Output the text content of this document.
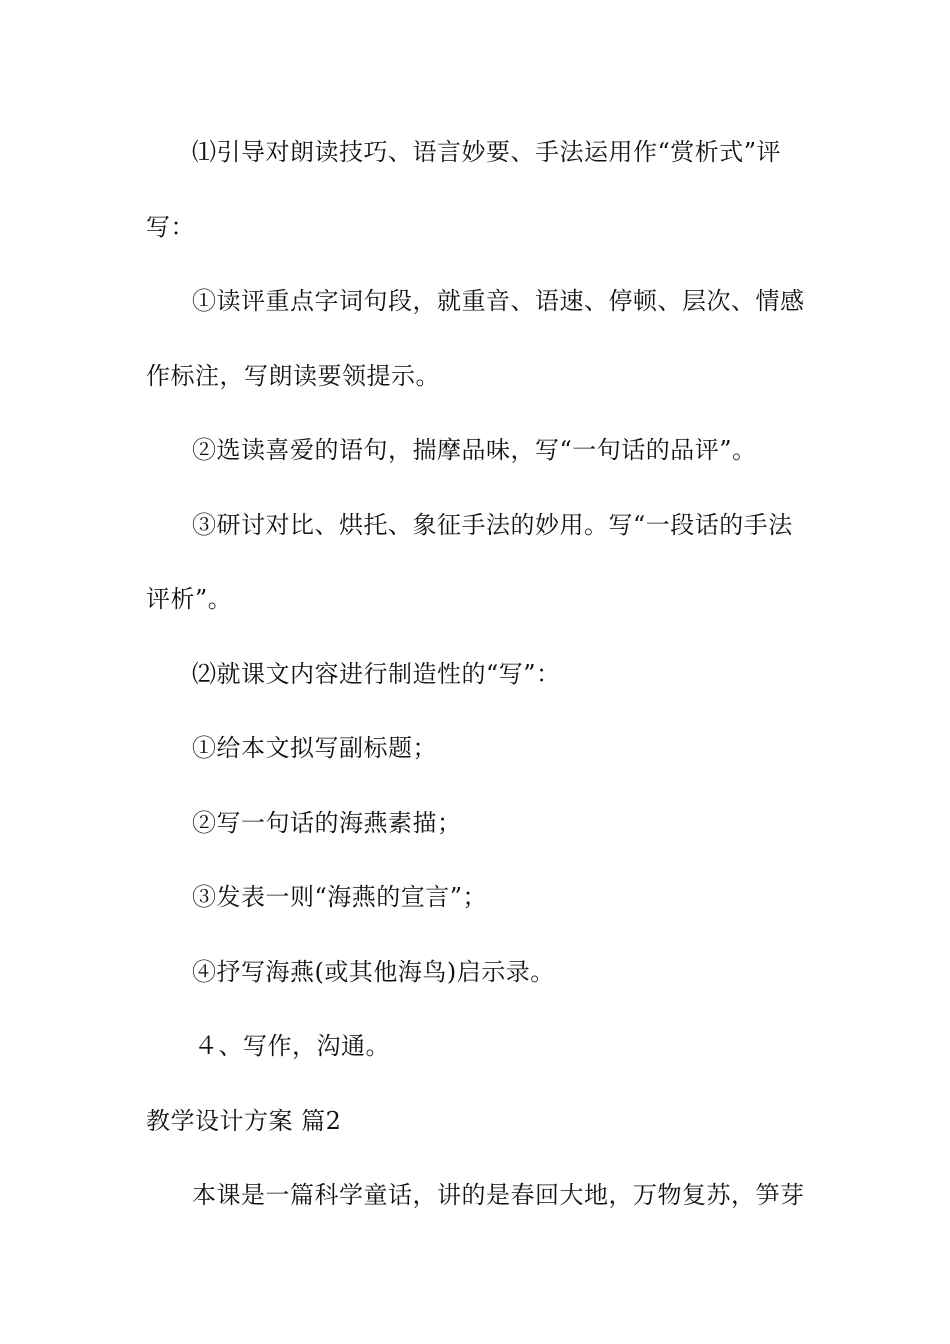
⑴引导对朗读技巧、语言妙要、手法运用作“赏析式”评
写：
①读评重点字词句段，就重音、语速、停顿、层次、情感
作标注，写朗读要领提示。
②选读喜爱的语句，揣摩品味，写“一句话的品评”。
③研讨对比、烘托、象征手法的妙用。写“一段话的手法
评析”。
⑵就课文内容进行制造性的“写”：
①给本文拟写副标题；
②写一句话的海燕素描；
③发表一则“海燕的宣言”；
④抒写海燕(或其他海鸟)启示录。
４、写作，沟通。
教学设计方案 篇2
本课是一篇科学童话，讲的是春回大地，万物复苏，笋芽
